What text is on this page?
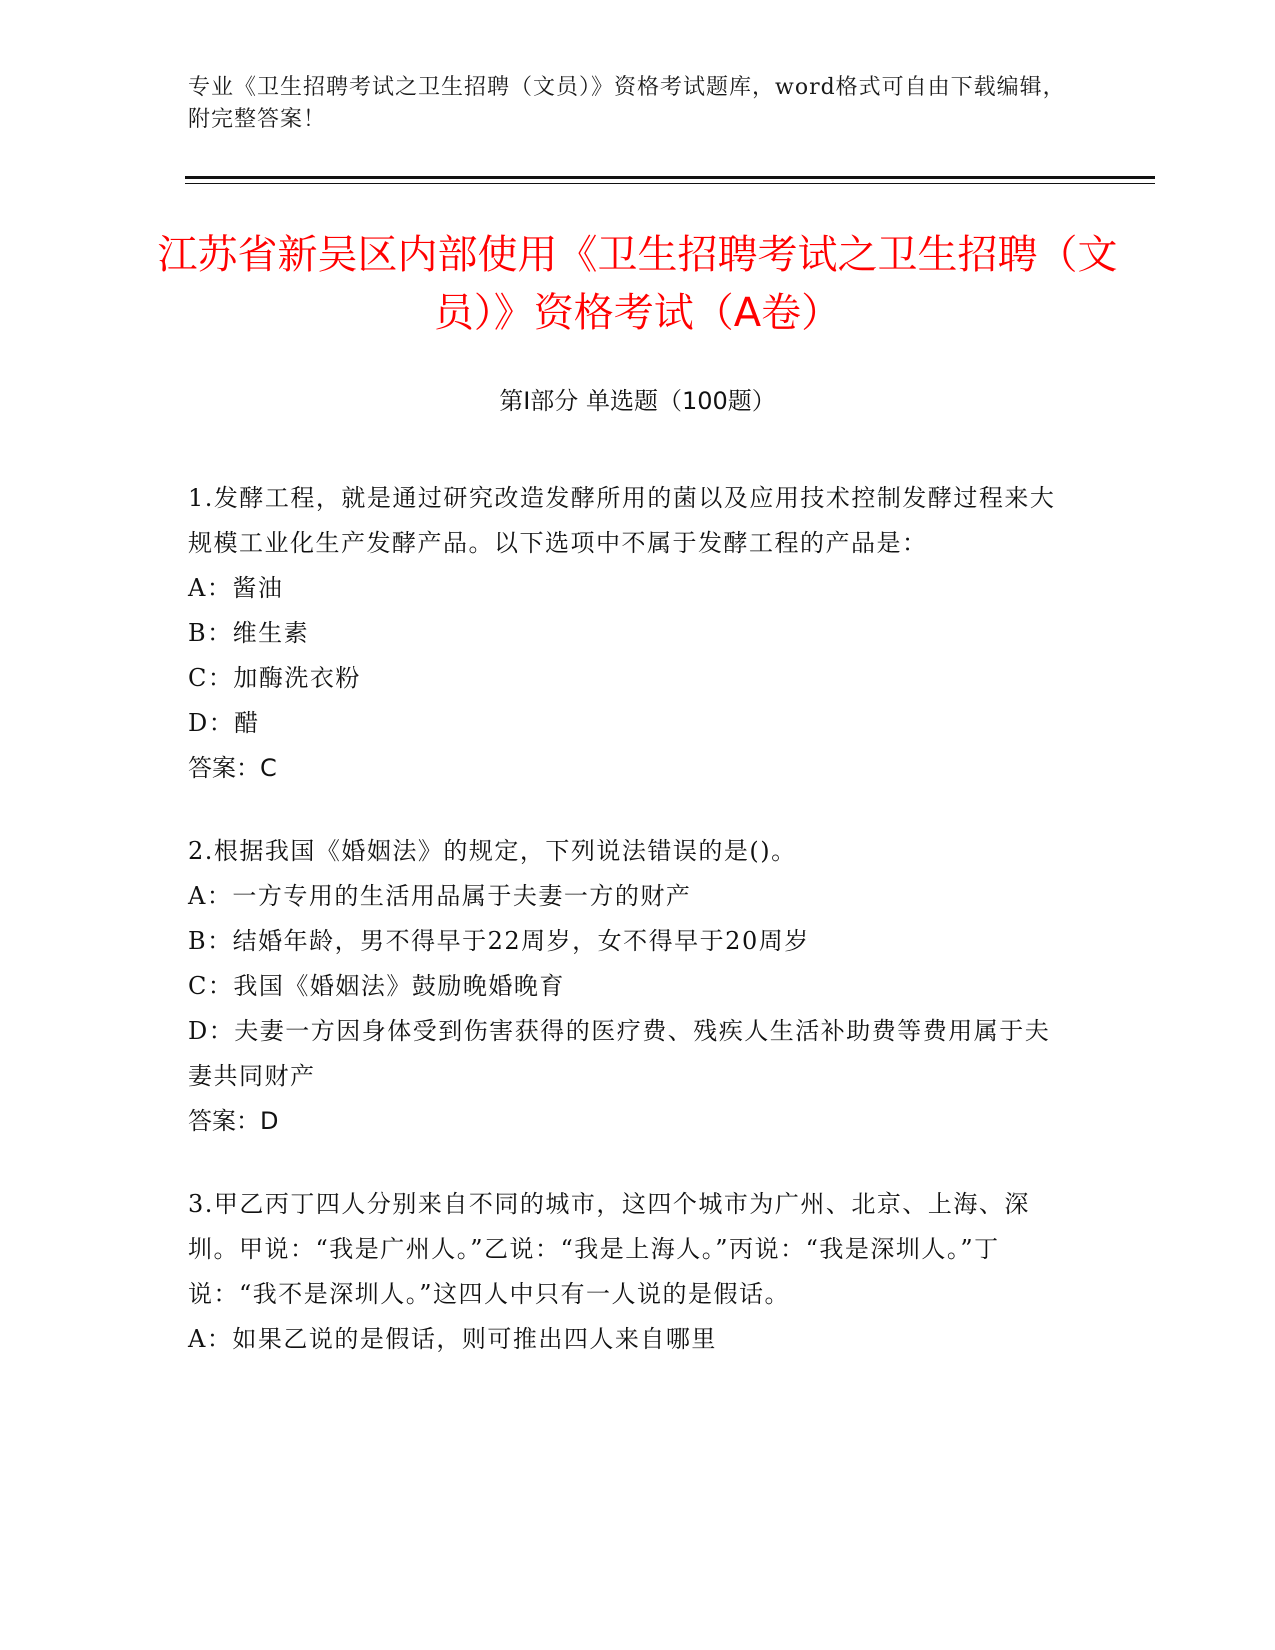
专业《卫生招聘考试之卫生招聘（文员）》资格考试题库，word格式可自由下载编辑，附完整答案！
江苏省新吴区内部使用《卫生招聘考试之卫生招聘（文员）》资格考试（A卷）
第Ⅰ部分 单选题（100题）
1.发酵工程，就是通过研究改造发酵所用的菌以及应用技术控制发酵过程来大规模工业化生产发酵产品。以下选项中不属于发酵工程的产品是：
A：酱油
B：维生素
C：加酶洗衣粉
D：醋
答案：C
2.根据我国《婚姻法》的规定，下列说法错误的是()。
A：一方专用的生活用品属于夫妻一方的财产
B：结婚年龄，男不得早于22周岁，女不得早于20周岁
C：我国《婚姻法》鼓励晚婚晚育
D：夫妻一方因身体受到伤害获得的医疗费、残疾人生活补助费等费用属于夫妻共同财产
答案：D
3.甲乙丙丁四人分别来自不同的城市，这四个城市为广州、北京、上海、深圳。甲说：“我是广州人。”乙说：“我是上海人。”丙说：“我是深圳人。”丁说：“我不是深圳人。”这四人中只有一人说的是假话。
A：如果乙说的是假话，则可推出四人来自哪里
